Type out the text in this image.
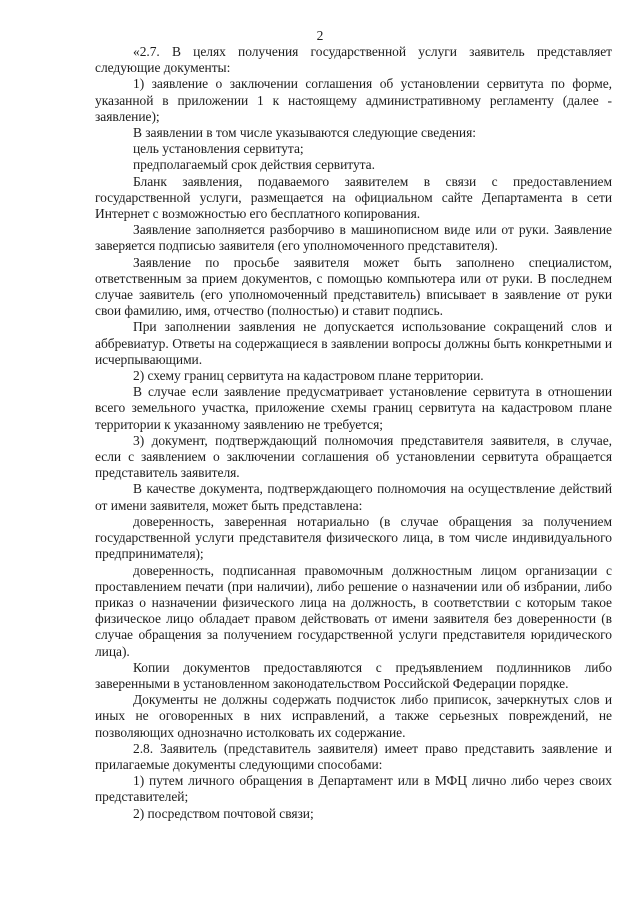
2

«2.7. В целях получения государственной услуги заявитель представляет следующие документы:

1) заявление о заключении соглашения об установлении сервитута по форме, указанной в приложении 1 к настоящему административному регламенту (далее - заявление);

В заявлении в том числе указываются следующие сведения:

цель установления сервитута;

предполагаемый срок действия сервитута.

Бланк заявления, подаваемого заявителем в связи с предоставлением государственной услуги, размещается на официальном сайте Департамента в сети Интернет с возможностью его бесплатного копирования.

Заявление заполняется разборчиво в машинописном виде или от руки. Заявление заверяется подписью заявителя (его уполномоченного представителя).

Заявление по просьбе заявителя может быть заполнено специалистом, ответственным за прием документов, с помощью компьютера или от руки. В последнем случае заявитель (его уполномоченный представитель) вписывает в заявление от руки свои фамилию, имя, отчество (полностью) и ставит подпись.

При заполнении заявления не допускается использование сокращений слов и аббревиатур. Ответы на содержащиеся в заявлении вопросы должны быть конкретными и исчерпывающими.

2) схему границ сервитута на кадастровом плане территории.

В случае если заявление предусматривает установление сервитута в отношении всего земельного участка, приложение схемы границ сервитута на кадастровом плане территории к указанному заявлению не требуется;

3) документ, подтверждающий полномочия представителя заявителя, в случае, если с заявлением о заключении соглашения об установлении сервитута обращается представитель заявителя.

В качестве документа, подтверждающего полномочия на осуществление действий от имени заявителя, может быть представлена:

доверенность, заверенная нотариально (в случае обращения за получением государственной услуги представителя физического лица, в том числе индивидуального предпринимателя);

доверенность, подписанная правомочным должностным лицом организации с проставлением печати (при наличии), либо решение о назначении или об избрании, либо приказ о назначении физического лица на должность, в соответствии с которым такое физическое лицо обладает правом действовать от имени заявителя без доверенности (в случае обращения за получением государственной услуги представителя юридического лица).

Копии документов предоставляются с предъявлением подлинников либо заверенными в установленном законодательством Российской Федерации порядке.

Документы не должны содержать подчисток либо приписок, зачеркнутых слов и иных не оговоренных в них исправлений, а также серьезных повреждений, не позволяющих однозначно истолковать их содержание.

2.8. Заявитель (представитель заявителя) имеет право представить заявление и прилагаемые документы следующими способами:

1) путем личного обращения в Департамент или в МФЦ лично либо через своих представителей;

2) посредством почтовой связи;
